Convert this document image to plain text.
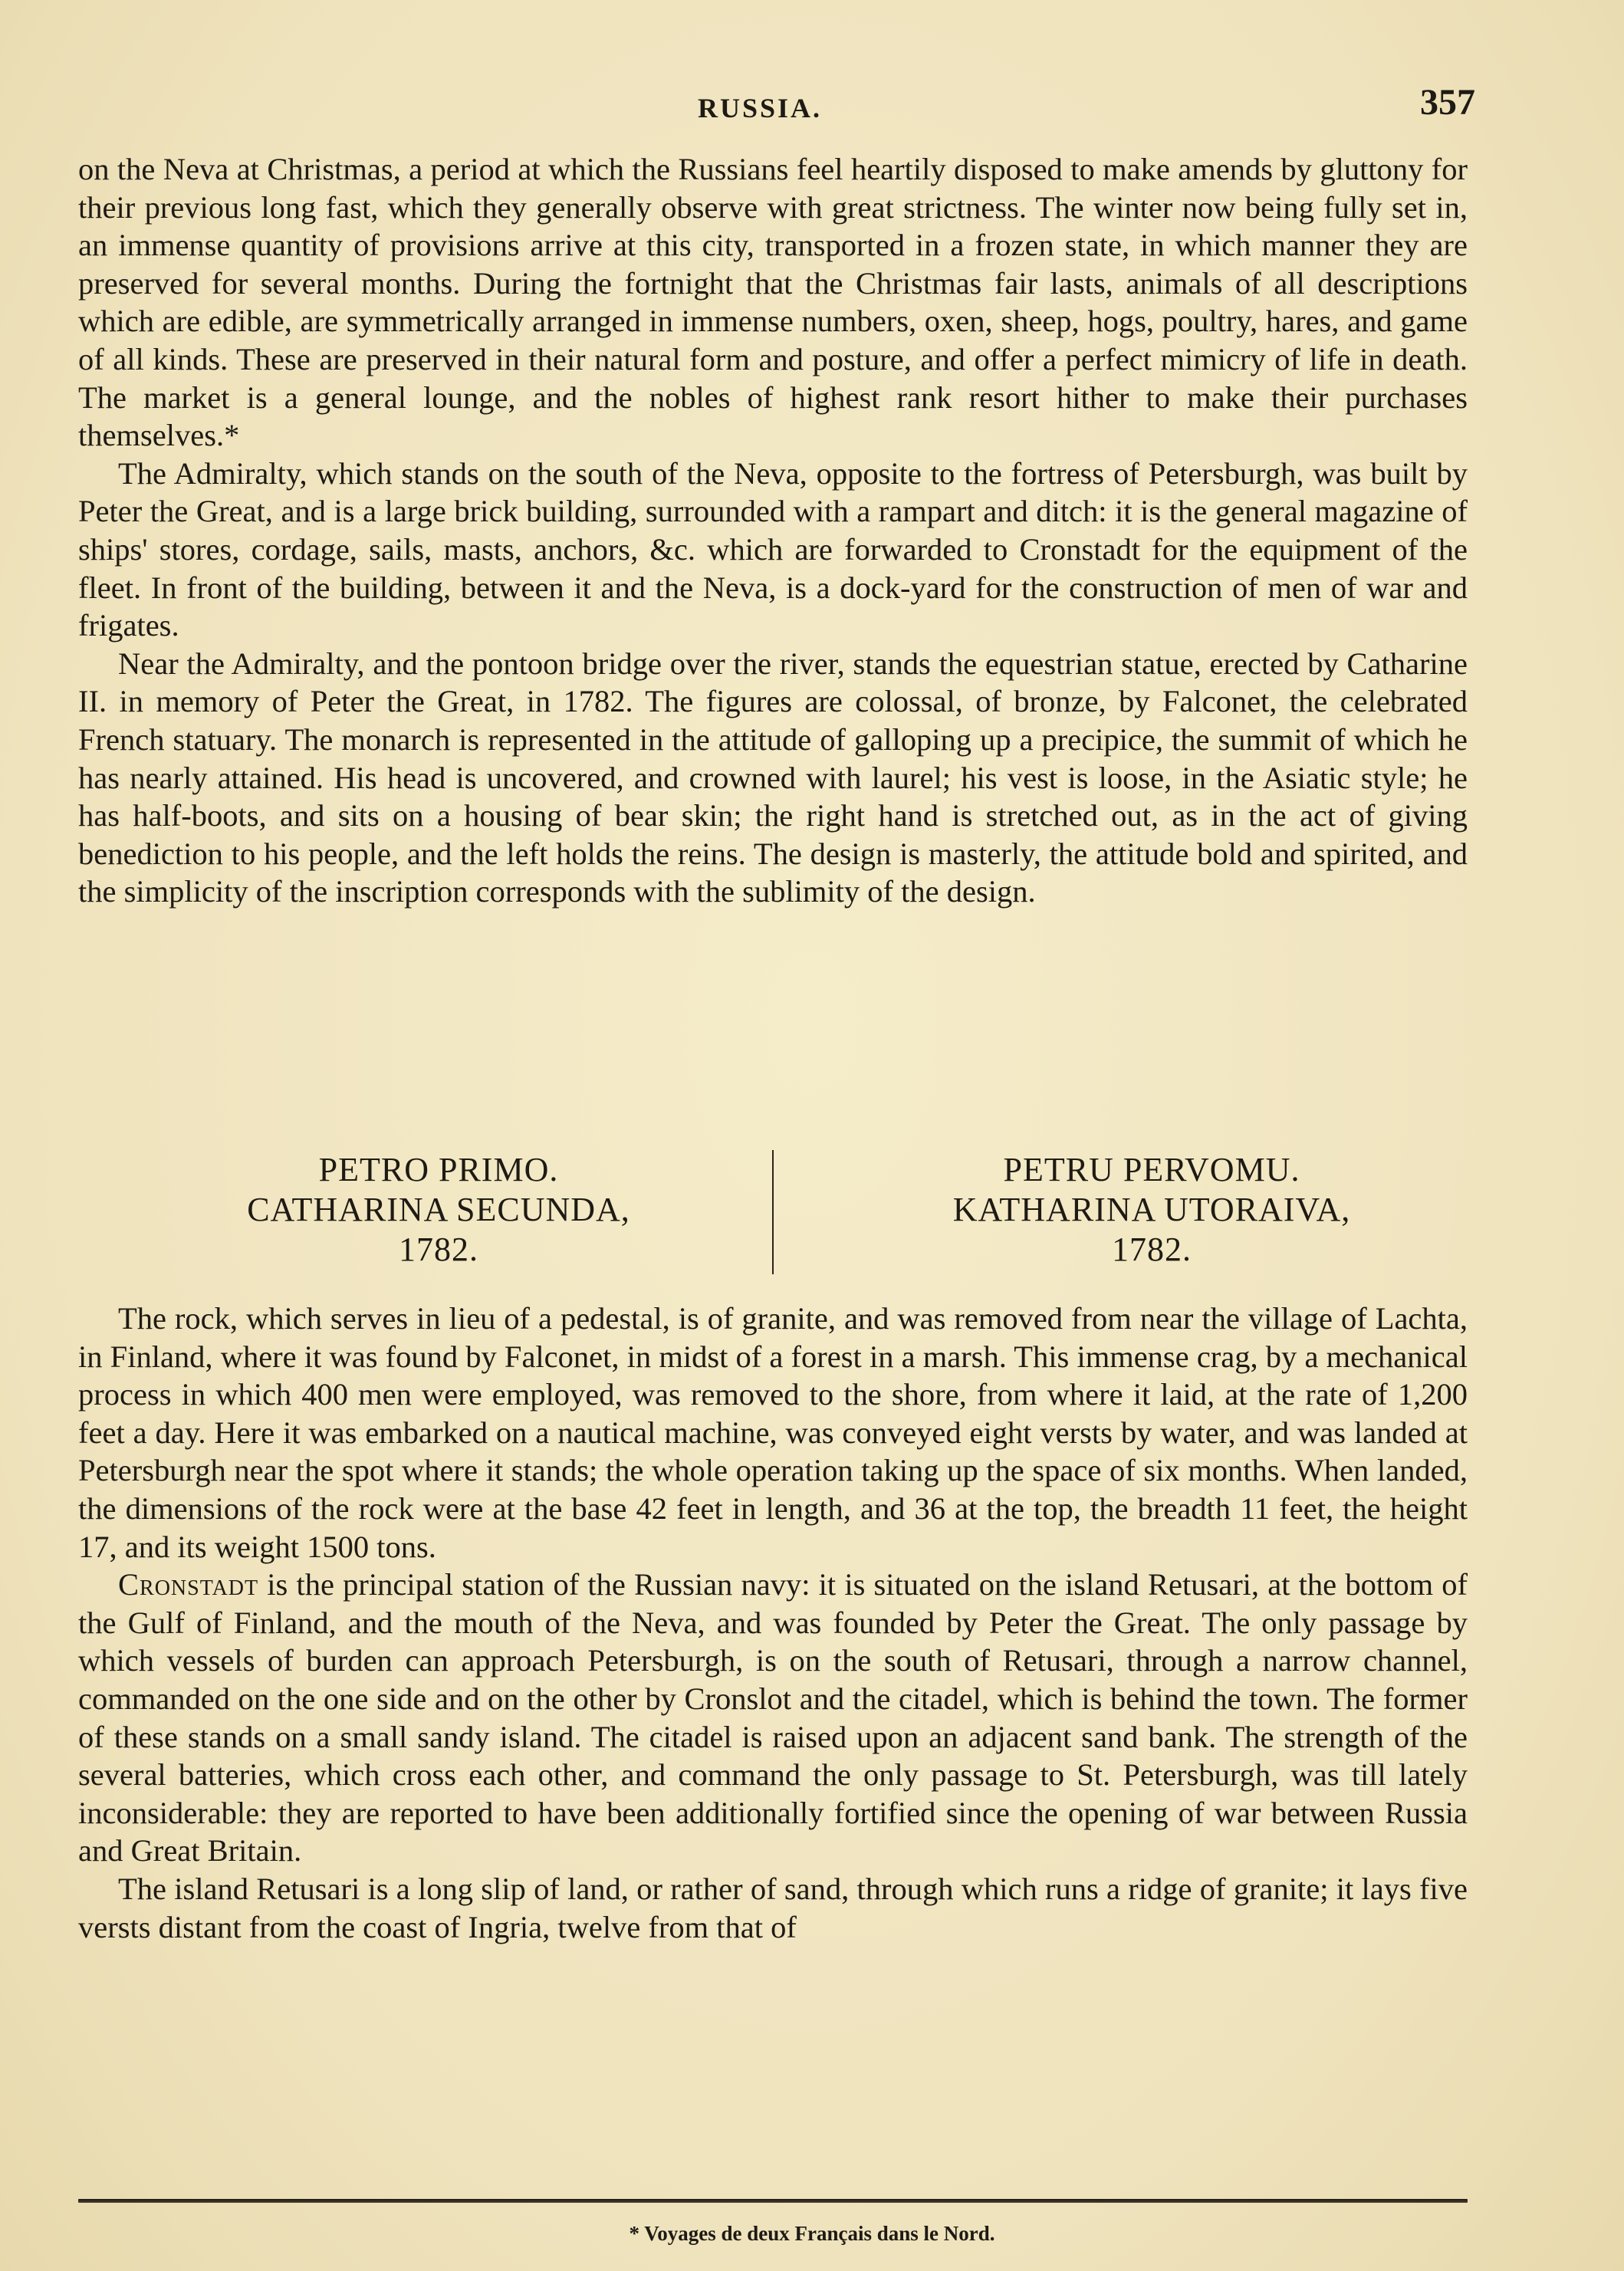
RUSSIA.	357

on the Neva at Christmas, a period at which the Russians feel heartily disposed to make amends by gluttony for their previous long fast, which they generally observe with great strictness. The winter now being fully set in, an immense quantity of provisions arrive at this city, transported in a frozen state, in which manner they are preserved for several months. During the fortnight that the Christmas fair lasts, animals of all descriptions which are edible, are symmetrically arranged in immense numbers, oxen, sheep, hogs, poultry, hares, and game of all kinds. These are preserved in their natural form and posture, and offer a perfect mimicry of life in death. The market is a general lounge, and the nobles of highest rank resort hither to make their purchases themselves.*

The Admiralty, which stands on the south of the Neva, opposite to the fortress of Petersburgh, was built by Peter the Great, and is a large brick building, surrounded with a rampart and ditch: it is the general magazine of ships' stores, cordage, sails, masts, anchors, &c. which are forwarded to Cronstadt for the equipment of the fleet. In front of the building, between it and the Neva, is a dock-yard for the construction of men of war and frigates.

Near the Admiralty, and the pontoon bridge over the river, stands the equestrian statue, erected by Catharine II. in memory of Peter the Great, in 1782. The figures are colossal, of bronze, by Falconet, the celebrated French statuary. The monarch is represented in the attitude of galloping up a precipice, the summit of which he has nearly attained. His head is uncovered, and crowned with laurel; his vest is loose, in the Asiatic style; he has half-boots, and sits on a housing of bear skin; the right hand is stretched out, as in the act of giving benediction to his people, and the left holds the reins. The design is masterly, the attitude bold and spirited, and the simplicity of the inscription corresponds with the sublimity of the design.

PETRO PRIMO.
CATHARINA SECUNDA,
1782.
PETRU PERVOMU.
KATHARINA UTORAIVA,
1782.

The rock, which serves in lieu of a pedestal, is of granite, and was removed from near the village of Lachta, in Finland, where it was found by Falconet, in midst of a forest in a marsh. This immense crag, by a mechanical process in which 400 men were employed, was removed to the shore, from where it laid, at the rate of 1,200 feet a day. Here it was embarked on a nautical machine, was conveyed eight versts by water, and was landed at Petersburgh near the spot where it stands; the whole operation taking up the space of six months. When landed, the dimensions of the rock were at the base 42 feet in length, and 36 at the top, the breadth 11 feet, the height 17, and its weight 1500 tons.

Cronstadt is the principal station of the Russian navy: it is situated on the island Retusari, at the bottom of the Gulf of Finland, and the mouth of the Neva, and was founded by Peter the Great. The only passage by which vessels of burden can approach Petersburgh, is on the south of Retusari, through a narrow channel, commanded on the one side and on the other by Cronslot and the citadel, which is behind the town. The former of these stands on a small sandy island. The citadel is raised upon an adjacent sand bank. The strength of the several batteries, which cross each other, and command the only passage to St. Petersburgh, was till lately inconsiderable: they are reported to have been additionally fortified since the opening of war between Russia and Great Britain.

The island Retusari is a long slip of land, or rather of sand, through which runs a ridge of granite; it lays five versts distant from the coast of Ingria, twelve from that of

* Voyages de deux Français dans le Nord.
